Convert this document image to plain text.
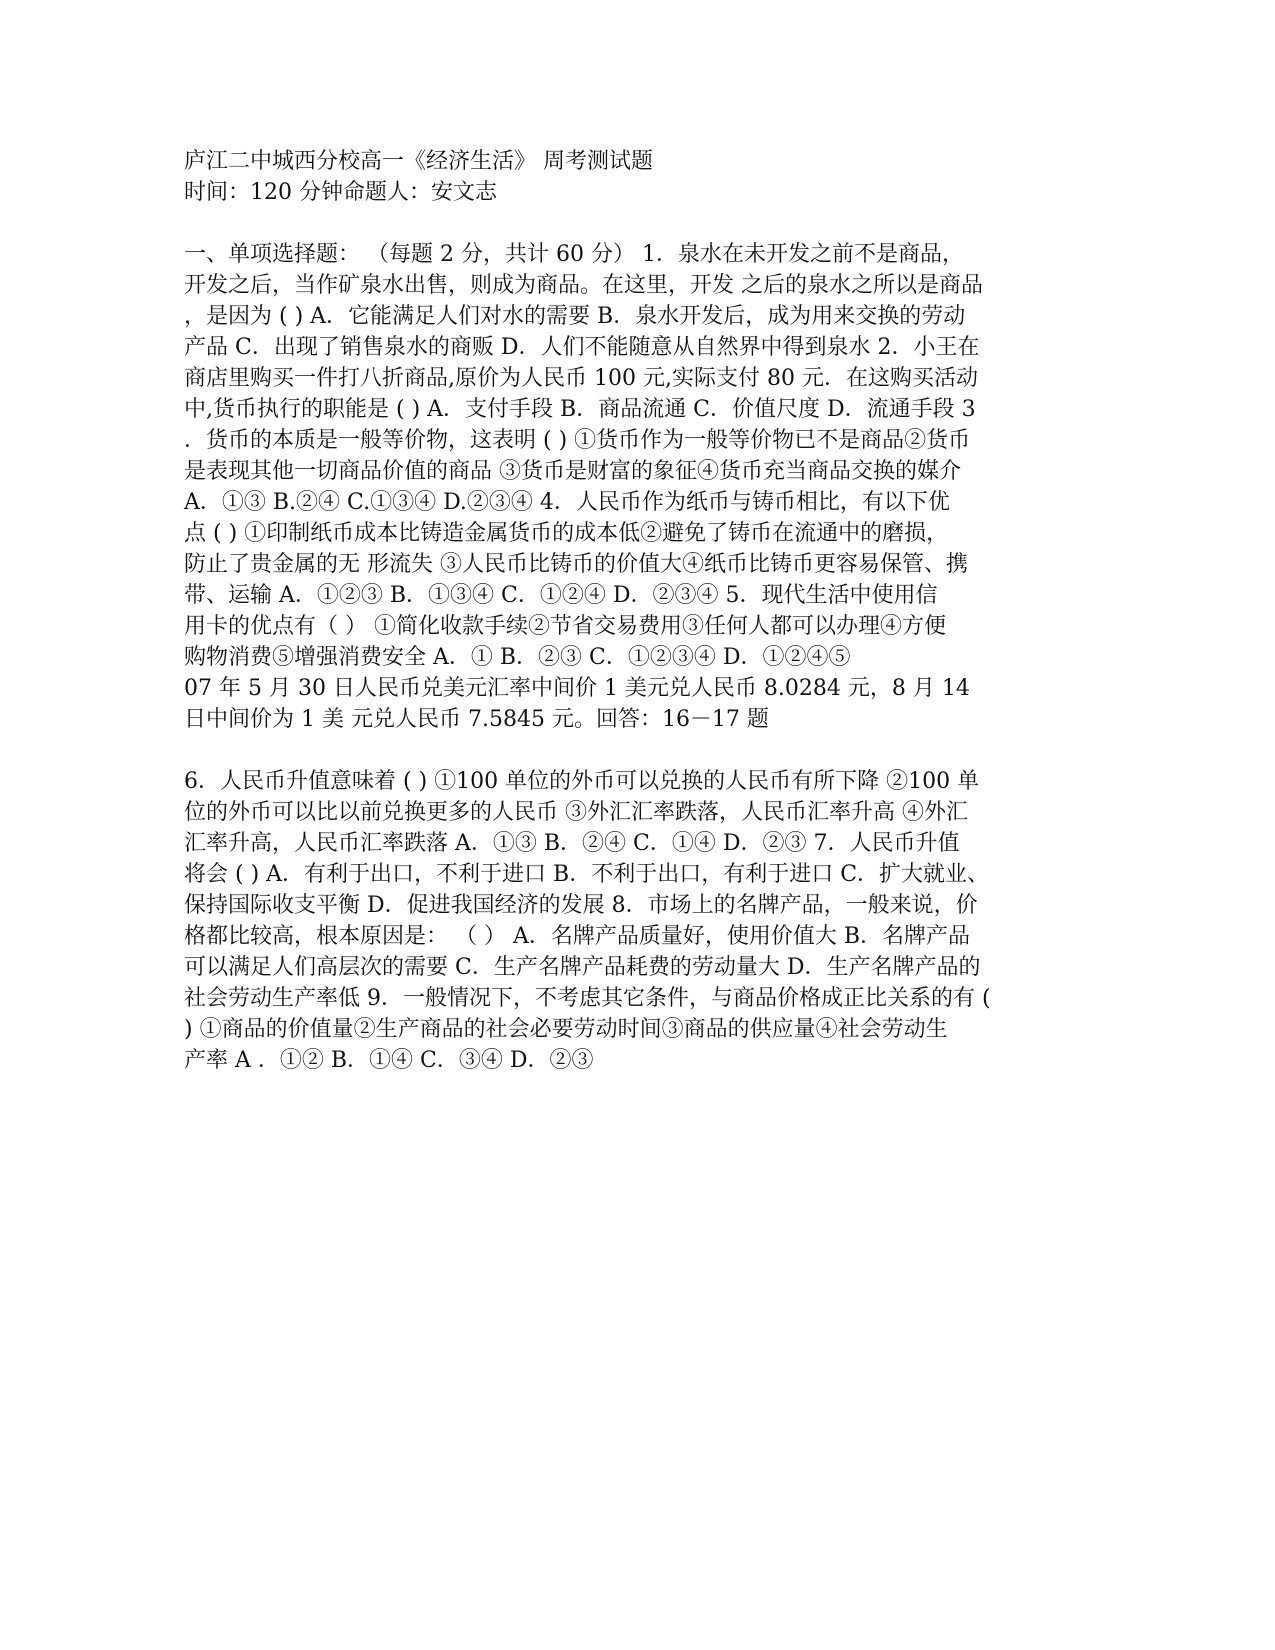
庐江二中城西分校高一《经济生活》 周考测试题
时间：120 分钟命题人：安文志
一、单项选择题： （每题 2 分，共计 60 分） 1．泉水在未开发之前不是商品，
开发之后，当作矿泉水出售，则成为商品。在这里，开发 之后的泉水之所以是商品
，是因为 ( ) A．它能满足人们对水的需要 B．泉水开发后，成为用来交换的劳动
产品 C．出现了销售泉水的商贩 D．人们不能随意从自然界中得到泉水 2．小王在
商店里购买一件打八折商品,原价为人民币 100 元,实际支付 80 元．在这购买活动
中,货币执行的职能是 ( ) A．支付手段 B．商品流通 C．价值尺度 D．流通手段 3
．货币的本质是一般等价物，这表明 ( ) ①货币作为一般等价物已不是商品②货币
是表现其他一切商品价值的商品 ③货币是财富的象征④货币充当商品交换的媒介
A．①③ B.②④ C.①③④ D.②③④ 4．人民币作为纸币与铸币相比，有以下优
点 ( ) ①印制纸币成本比铸造金属货币的成本低②避免了铸币在流通中的磨损，
防止了贵金属的无 形流失 ③人民币比铸币的价值大④纸币比铸币更容易保管、携
带、运输 A．①②③ B．①③④ C．①②④ D．②③④ 5．现代生活中使用信
用卡的优点有（ ） ①简化收款手续②节省交易费用③任何人都可以办理④方便
购物消费⑤增强消费安全 A．① B．②③ C．①②③④ D．①②④⑤
07 年 5 月 30 日人民币兑美元汇率中间价 1 美元兑人民币 8.0284 元，8 月 14
日中间价为 1 美 元兑人民币 7.5845 元。回答：16－17 题
6．人民币升值意味着 ( ) ①100 单位的外币可以兑换的人民币有所下降 ②100 单
位的外币可以比以前兑换更多的人民币 ③外汇汇率跌落，人民币汇率升高 ④外汇
汇率升高，人民币汇率跌落 A．①③ B．②④ C．①④ D．②③ 7．人民币升值
将会 ( ) A．有利于出口，不利于进口 B．不利于出口，有利于进口 C．扩大就业、
保持国际收支平衡 D．促进我国经济的发展 8．市场上的名牌产品，一般来说，价
格都比较高，根本原因是： （ ） A．名牌产品质量好，使用价值大 B．名牌产品
可以满足人们高层次的需要 C．生产名牌产品耗费的劳动量大 D．生产名牌产品的
社会劳动生产率低 9．一般情况下，不考虑其它条件，与商品价格成正比关系的有 (
) ①商品的价值量②生产商品的社会必要劳动时间③商品的供应量④社会劳动生
产率 A ．①② B．①④ C．③④ D．②③
